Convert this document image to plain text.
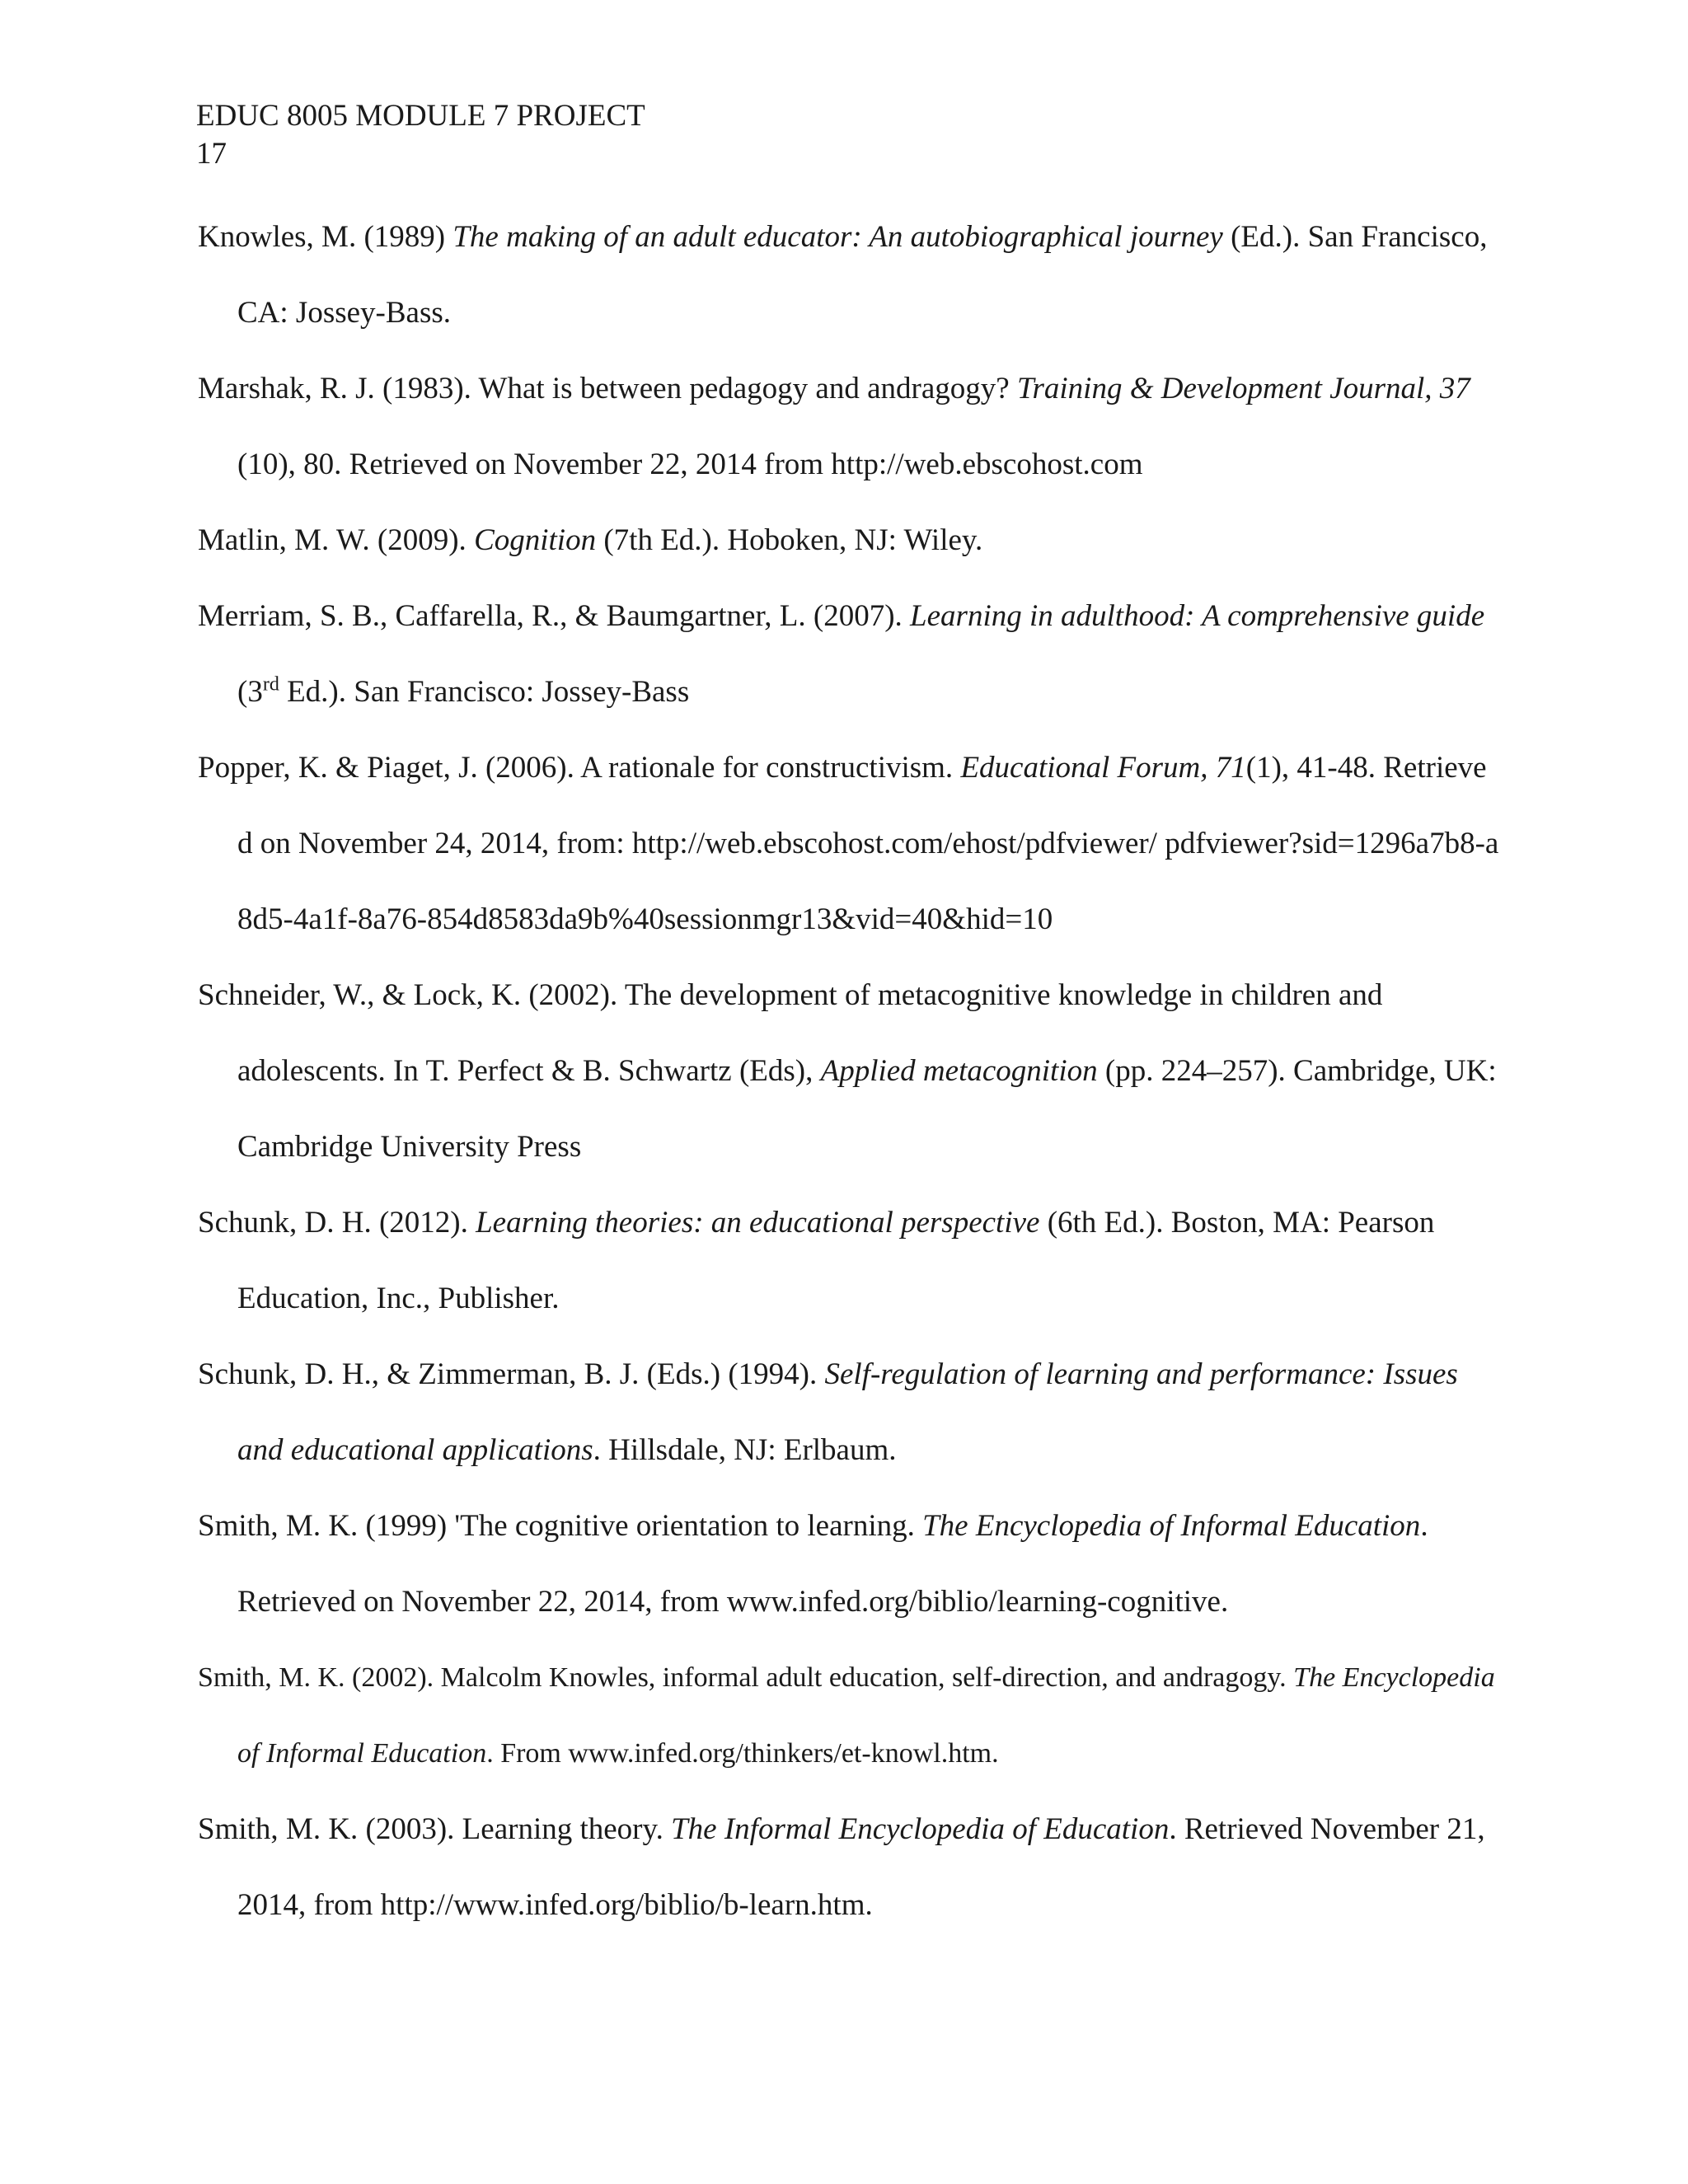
EDUC 8005 MODULE 7 PROJECT
17

Knowles, M. (1989) The making of an adult educator: An autobiographical journey (Ed.). San Francisco, CA: Jossey-Bass.

Marshak, R. J. (1983). What is between pedagogy and andragogy? Training & Development Journal, 37 (10), 80. Retrieved on November 22, 2014 from http://web.ebscohost.com

Matlin, M. W. (2009). Cognition (7th Ed.). Hoboken, NJ: Wiley.

Merriam, S. B., Caffarella, R., & Baumgartner, L. (2007). Learning in adulthood: A comprehensive guide (3rd Ed.). San Francisco: Jossey-Bass

Popper, K. & Piaget, J. (2006). A rationale for constructivism. Educational Forum, 71(1), 41-48. Retrieved on November 24, 2014, from: http://web.ebscohost.com/ehost/pdfviewer/ pdfviewer?sid=1296a7b8-a8d5-4a1f-8a76-854d8583da9b%40sessionmgr13&vid=40&hid=10

Schneider, W., & Lock, K. (2002). The development of metacognitive knowledge in children and adolescents. In T. Perfect & B. Schwartz (Eds), Applied metacognition (pp. 224–257). Cambridge, UK: Cambridge University Press

Schunk, D. H. (2012). Learning theories: an educational perspective (6th Ed.). Boston, MA: Pearson Education, Inc., Publisher.

Schunk, D. H., & Zimmerman, B. J. (Eds.) (1994). Self-regulation of learning and performance: Issues and educational applications. Hillsdale, NJ: Erlbaum.

Smith, M. K. (1999) 'The cognitive orientation to learning. The Encyclopedia of Informal Education. Retrieved on November 22, 2014, from www.infed.org/biblio/learning-cognitive.

Smith, M. K. (2002). Malcolm Knowles, informal adult education, self-direction, and andragogy. The Encyclopedia of Informal Education. From www.infed.org/thinkers/et-knowl.htm.

Smith, M. K. (2003). Learning theory. The Informal Encyclopedia of Education. Retrieved November 21, 2014, from http://www.infed.org/biblio/b-learn.htm.
